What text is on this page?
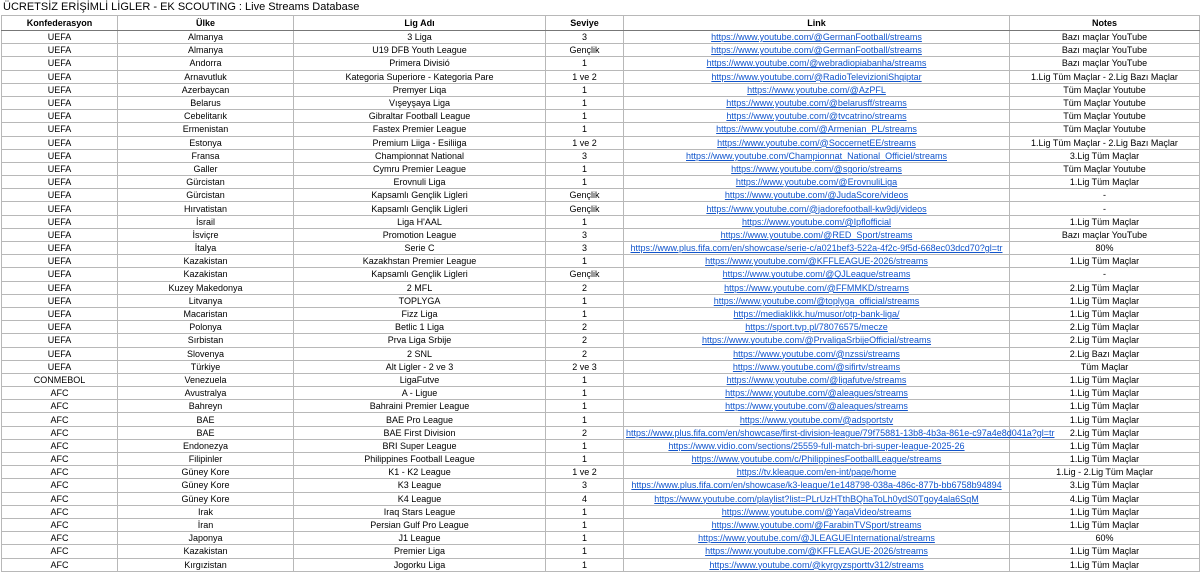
ÜCRETSİZ ERİŞİMLİ LİGLER - EK SCOUTING : Live Streams Database
Konfederasyon	Ülke	Lig Adı	Seviye	Link	Notes
UEFA	Almanya	3 Liga	3	https://www.youtube.com/@GermanFootball/streams	Bazı maçlar YouTube
UEFA	Almanya	U19 DFB Youth League	Gençlik	https://www.youtube.com/@GermanFootball/streams	Bazı maçlar YouTube
UEFA	Andorra	Primera Divisió	1	https://www.youtube.com/@webradiopiabanha/streams	Bazı maçlar YouTube
UEFA	Arnavutluk	Kategoria Superiore - Kategoria Pare	1 ve 2	https://www.youtube.com/@RadioTelevizioniShqiptar	1.Lig Tüm Maçlar - 2.Lig Bazı Maçlar
UEFA	Azerbaycan	Premyer Liqa	1	https://www.youtube.com/@AzPFL	Tüm Maçlar Youtube
UEFA	Belarus	Vışeyşaya Liga	1	https://www.youtube.com/@belarusff/streams	Tüm Maçlar Youtube
UEFA	Cebelitarık	Gibraltar Football League	1	https://www.youtube.com/@tvcatrino/streams	Tüm Maçlar Youtube
UEFA	Ermenistan	Fastex Premier League	1	https://www.youtube.com/@Armenian_PL/streams	Tüm Maçlar Youtube
UEFA	Estonya	Premium Liiga - Esiliiga	1 ve 2	https://www.youtube.com/@SoccernetEE/streams	1.Lig Tüm Maçlar - 2.Lig Bazı Maçlar
UEFA	Fransa	Championnat National	3	https://www.youtube.com/Championnat_National_Officiel/streams	3.Lig Tüm Maçlar
UEFA	Galler	Cymru Premier League	1	https://www.youtube.com/@sgorio/streams	Tüm Maçlar Youtube
UEFA	Gürcistan	Erovnuli Liga	1	https://www.youtube.com/@ErovnuliLiga	1.Lig Tüm Maçlar
UEFA	Gürcistan	Kapsamlı Gençlik Ligleri	Gençlik	https://www.youtube.com/@JudaScore/videos	-
UEFA	Hırvatistan	Kapsamlı Gençlik Ligleri	Gençlik	https://www.youtube.com/@jadorefootball-kw9dj/videos	-
UEFA	İsrail	Liga H'AAL	1	https://www.youtube.com/@Ipflofficial	1.Lig Tüm Maçlar
UEFA	İsviçre	Promotion League	3	https://www.youtube.com/@RED_Sport/streams	Bazı maçlar YouTube
UEFA	İtalya	Serie C	3	https://www.plus.fifa.com/en/showcase/serie-c/a021bef3-522a-4f2c-9f5d-668ec03dcd70?gl=tr	80%
UEFA	Kazakistan	Kazakhstan Premier League	1	https://www.youtube.com/@KFFLEAGUE-2026/streams	1.Lig Tüm Maçlar
UEFA	Kazakistan	Kapsamlı Gençlik Ligleri	Gençlik	https://www.youtube.com/@QJLeague/streams	-
UEFA	Kuzey Makedonya	2 MFL	2	https://www.youtube.com/@FFMMKD/streams	2.Lig Tüm Maçlar
UEFA	Litvanya	TOPLYGA	1	https://www.youtube.com/@toplyga_official/streams	1.Lig Tüm Maçlar
UEFA	Macaristan	Fizz Liga	1	https://mediaklikk.hu/musor/otp-bank-liga/	1.Lig Tüm Maçlar
UEFA	Polonya	Betlic 1 Liga	2	https://sport.tvp.pl/78076575/mecze	2.Lig Tüm Maçlar
UEFA	Sırbistan	Prva Liga Srbije	2	https://www.youtube.com/@PrvaligaSrbijeOfficial/streams	2.Lig Tüm Maçlar
UEFA	Slovenya	2 SNL	2	https://www.youtube.com/@nzssi/streams	2.Lig Bazı Maçlar
UEFA	Türkiye	Alt Ligler - 2 ve 3	2 ve 3	https://www.youtube.com/@sifirtv/streams	Tüm Maçlar
CONMEBOL	Venezuela	LigaFutve	1	https://www.youtube.com/@ligafutve/streams	1.Lig Tüm Maçlar
AFC	Avustralya	A - Ligue	1	https://www.youtube.com/@aleagues/streams	1.Lig Tüm Maçlar
AFC	Bahreyn	Bahraini Premier League	1	https://www.youtube.com/@aleagues/streams	1.Lig Tüm Maçlar
AFC	BAE	BAE Pro League	1	https://www.youtube.com/@adsportstv	1.Lig Tüm Maçlar
AFC	BAE	BAE First Division	2	https://www.plus.fifa.com/en/showcase/first-division-league/79f75881-13b8-4b3a-861e-c97a4e8d041a?gl=tr	2.Lig Tüm Maçlar
AFC	Endonezya	BRI Super League	1	https://www.vidio.com/sections/25559-full-match-bri-super-league-2025-26	1.Lig Tüm Maçlar
AFC	Filipinler	Philippines Football League	1	https://www.youtube.com/c/PhilippinesFootballLeague/streams	1.Lig Tüm Maçlar
AFC	Güney Kore	K1 - K2 League	1 ve 2	https://tv.kleague.com/en-int/page/home	1.Lig - 2.Lig Tüm Maçlar
AFC	Güney Kore	K3 League	3	https://www.plus.fifa.com/en/showcase/k3-league/1e148798-038a-486c-877b-bb6758b94894	3.Lig Tüm Maçlar
AFC	Güney Kore	K4 League	4	https://www.youtube.com/playlist?list=PLrUzHTthBQhaToLh0ydS0Tgoy4ala6SqM	4.Lig Tüm Maçlar
AFC	Irak	Iraq Stars League	1	https://www.youtube.com/@YaqaVideo/streams	1.Lig Tüm Maçlar
AFC	İran	Persian Gulf Pro League	1	https://www.youtube.com/@FarabinTVSport/streams	1.Lig Tüm Maçlar
AFC	Japonya	J1 League	1	https://www.youtube.com/@JLEAGUEInternational/streams	60%
AFC	Kazakistan	Premier Liga	1	https://www.youtube.com/@KFFLEAGUE-2026/streams	1.Lig Tüm Maçlar
AFC	Kırgızistan	Jogorku Liga	1	https://www.youtube.com/@kyrgyzsporttv312/streams	1.Lig Tüm Maçlar
